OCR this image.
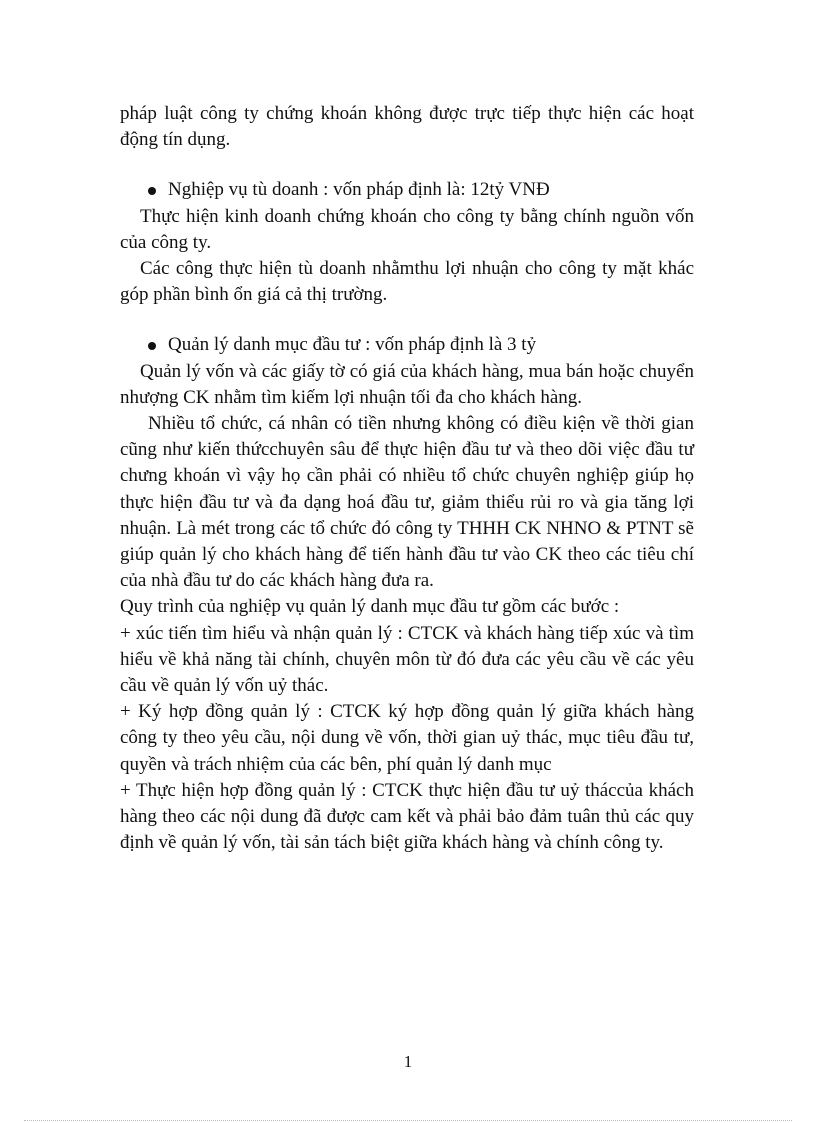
pháp luật công ty chứng khoán không được trực tiếp thực hiện các hoạt động tín dụng.

Nghiệp vụ tù doanh : vốn pháp định là: 12tỷ VNĐ

Thực hiện kinh doanh chứng khoán cho công ty bằng chính nguồn vốn của công ty.

Các công thực hiện tù doanh nhằmthu lợi nhuận cho công ty mặt khác góp phần bình ổn giá cả thị trường.

Quản lý danh mục đầu tư : vốn pháp định là 3 tỷ

Quản lý vốn và các giấy tờ có giá của khách hàng, mua bán hoặc chuyển nhượng CK nhằm tìm kiếm lợi nhuận tối đa cho khách hàng.

Nhiều tổ chức, cá nhân có tiền nhưng không có điều kiện về thời gian cũng như kiến thứcchuyên sâu để thực hiện đầu tư và theo dõi việc đầu tư chưng khoán vì vậy họ cần phải có nhiều tổ chức chuyên nghiệp giúp họ thực hiện đầu tư và đa dạng hoá đầu tư, giảm thiểu rủi ro và gia tăng lợi nhuận. Là mét trong các tổ chức đó công ty THHH CK NHNO & PTNT sẽ giúp quản lý cho khách hàng để tiến hành đầu tư vào CK theo các tiêu chí của nhà đầu tư do các khách hàng đưa ra.

Quy trình của nghiệp vụ quản lý danh mục đầu tư gồm các bước :

+ xúc tiến tìm hiểu và nhận quản lý : CTCK và khách hàng tiếp xúc và tìm hiểu về khả năng tài chính, chuyên môn từ đó đưa các yêu cầu về các yêu cầu về quản lý vốn uỷ thác.

+ Ký hợp đồng quản lý : CTCK ký hợp đồng quản lý giữa khách hàng công ty theo yêu cầu, nội dung về vốn, thời gian uỷ thác, mục tiêu đầu tư, quyền và trách nhiệm của các bên, phí quản lý danh mục

+ Thực hiện hợp đồng quản lý : CTCK thực hiện đầu tư uỷ tháccủa khách hàng theo các nội dung đã được cam kết và phải bảo đảm tuân thủ các quy định về quản lý vốn, tài sản tách biệt giữa khách hàng và chính công ty.

1
